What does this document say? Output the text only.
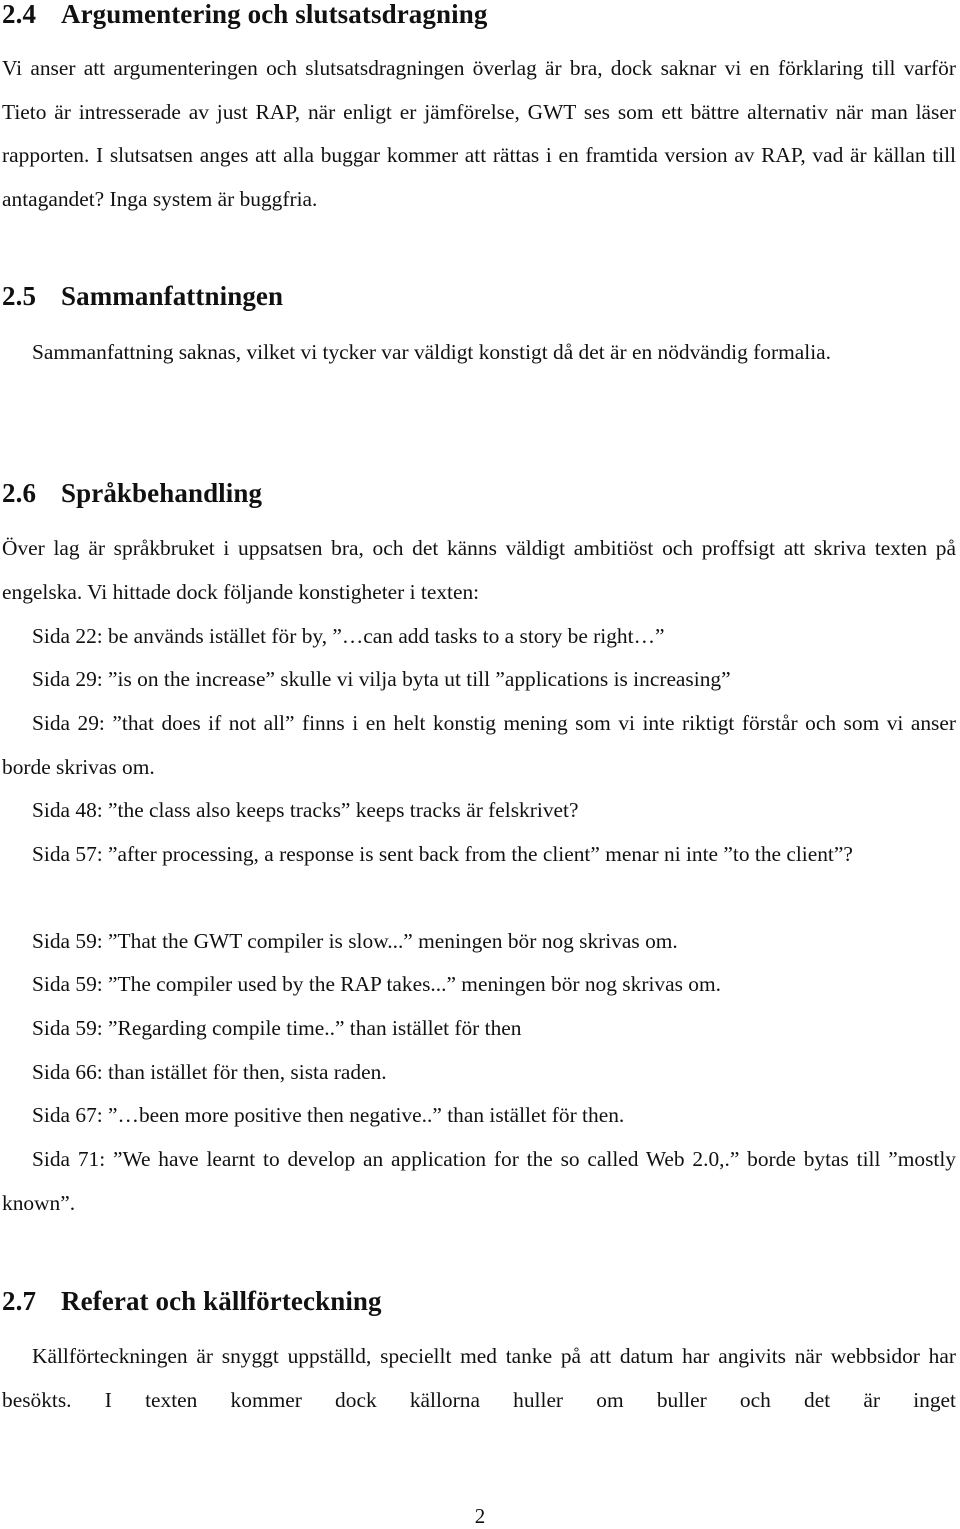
2.4 Argumentering och slutsatsdragning

Vi anser att argumenteringen och slutsatsdragningen överlag är bra, dock saknar vi en förklaring till varför Tieto är intresserade av just RAP, när enligt er jämförelse, GWT ses som ett bättre alternativ när man läser rapporten. I slutsatsen anges att alla buggar kommer att rättas i en framtida version av RAP, vad är källan till antagandet? Inga system är buggfria.

2.5 Sammanfattningen

Sammanfattning saknas, vilket vi tycker var väldigt konstigt då det är en nödvändig formalia.

2.6 Språkbehandling

Över lag är språkbruket i uppsatsen bra, och det känns väldigt ambitiöst och proffsigt att skriva texten på engelska. Vi hittade dock följande konstigheter i texten:

Sida 22: be används istället för by, ”…can add tasks to a story be right…”

Sida 29: ”is on the increase” skulle vi vilja byta ut till ”applications is increasing”

Sida 29: ”that does if not all” finns i en helt konstig mening som vi inte riktigt förstår och som vi anser borde skrivas om.

Sida 48: ”the class also keeps tracks” keeps tracks är felskrivet?

Sida 57: ”after processing, a response is sent back from the client” menar ni inte ”to the client”?

Sida 59: ”That the GWT compiler is slow...” meningen bör nog skrivas om.

Sida 59: ”The compiler used by the RAP takes...” meningen bör nog skrivas om.

Sida 59: ”Regarding compile time..” than istället för then

Sida 66: than istället för then, sista raden.

Sida 67: ”…been more positive then negative..” than istället för then.

Sida 71: ”We have learnt to develop an application for the so called Web 2.0,.” borde bytas till ”mostly known”.

2.7 Referat och källförteckning

Källförteckningen är snyggt uppställd, speciellt med tanke på att datum har angivits när webbsidor har besökts. I texten kommer dock källorna huller om buller och det är inget

2
